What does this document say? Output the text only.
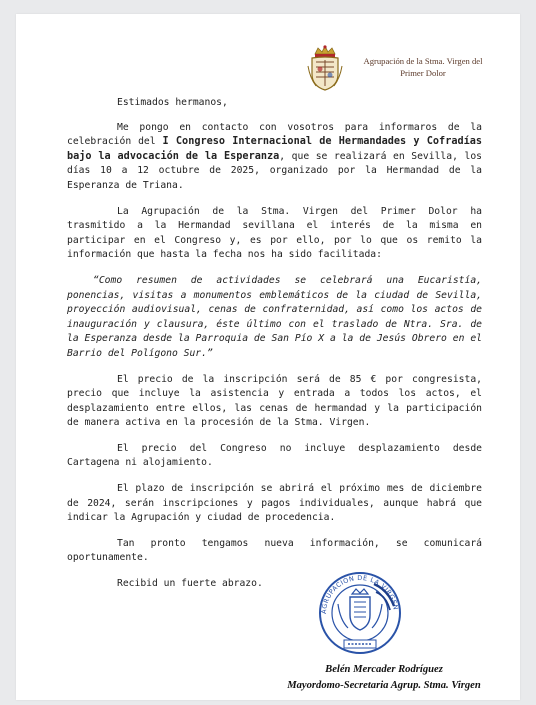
Agrupación de la Stma. Virgen del
Primer Dolor

Estimados hermanos,

Me pongo en contacto con vosotros para informaros de la celebración del I Congreso Internacional de Hermandades y Cofradías bajo la advocación de la Esperanza, que se realizará en Sevilla, los días 10 a 12 octubre de 2025, organizado por la Hermandad de la Esperanza de Triana.

La Agrupación de la Stma. Virgen del Primer Dolor ha trasmitido a la Hermandad sevillana el interés de la misma en participar en el Congreso y, es por ello, por lo que os remito la información que hasta la fecha nos ha sido facilitada:

“Como resumen de actividades se celebrará una Eucaristía, ponencias, visitas a monumentos emblemáticos de la ciudad de Sevilla, proyección audiovisual, cenas de confraternidad, así como los actos de inauguración y clausura, éste último con el traslado de Ntra. Sra. de la Esperanza desde la Parroquia de San Pío X a la de Jesús Obrero en el Barrio del Polígono Sur.”

El precio de la inscripción será de 85 € por congresista, precio que incluye la asistencia y entrada a todos los actos, el desplazamiento entre ellos, las cenas de hermandad y la participación de manera activa en la procesión de la Stma. Virgen.

El precio del Congreso no incluye desplazamiento desde Cartagena ni alojamiento.

El plazo de inscripción se abrirá el próximo mes de diciembre de 2024, serán inscripciones y pagos individuales, aunque habrá que indicar la Agrupación y ciudad de procedencia.

Tan pronto tengamos nueva información, se comunicará oportunamente.

Recibid un fuerte abrazo.

AGRUPACION DE LA VIRGEN
Belén Mercader Rodríguez
Mayordomo-Secretaria Agrup. Stma. Virgen
